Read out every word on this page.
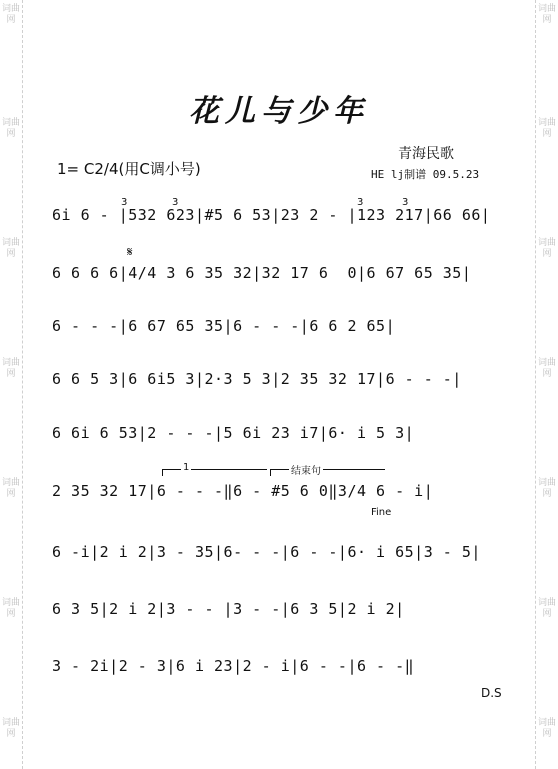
词曲网
词曲网
词曲网
词曲网
词曲网
词曲网
词曲网
词曲网
词曲网
词曲网
词曲网
词曲网
词曲网
词曲网
花儿与少年
青海民歌
HE lj制谱 09.5.23
1= C2/4(用C调小号)
3	3	3	3
𝄋
6i 6 - |532 623|#5 6 53|23 2 - |123 217|66 66|
6 6 6 6|4/4 3 6 35 32|32 17 6  0|6 67 65 35|
6 - - -|6 67 65 35|6 - - -|6 6 2 65|
6 6 5 3|6 6i5 3|2·3 5 3|2 35 32 17|6 - - -|
6 6i 6 53|2 - - -|5 6i 23 i7|6· i 5 3|
1	结束句
2 35 32 17|6 - - -‖6 - #5 6 0‖3/4 6 - i|
Fine
6 -i|2 i 2|3 - 35|6- - -|6 - -|6· i 65|3 - 5|
6 3 5|2 i 2|3 - - |3 - -|6 3 5|2 i 2|
3 - 2i|2 - 3|6 i 23|2 - i|6 - -|6 - -‖
D.S
